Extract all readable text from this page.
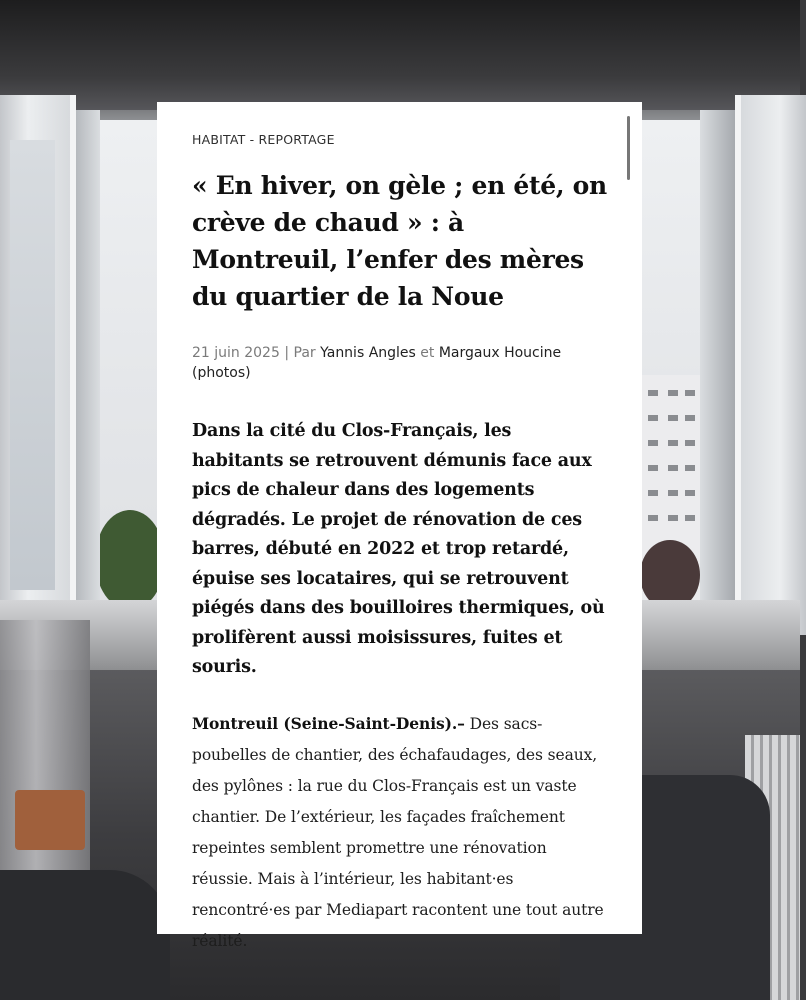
HABITAT - REPORTAGE
« En hiver, on gèle ; en été, on crève de chaud » : à Montreuil, l’enfer des mères du quartier de la Noue
21 juin 2025 | Par Yannis Angles et Margaux Houcine (photos)

Dans la cité du Clos-Français, les habitants se retrouvent démunis face aux pics de chaleur dans des logements dégradés. Le projet de rénovation de ces barres, débuté en 2022 et trop retardé, épuise ses locataires, qui se retrouvent piégés dans des bouilloires thermiques, où prolifèrent aussi moisissures, fuites et souris.

Montreuil (Seine-Saint-Denis).– Des sacs-poubelles de chantier, des échafaudages, des seaux, des pylônes : la rue du Clos-Français est un vaste chantier. De l’extérieur, les façades fraîchement repeintes semblent promettre une rénovation réussie. Mais à l’intérieur, les habitant·es rencontré·es par Mediapart racontent une tout autre réalité.
